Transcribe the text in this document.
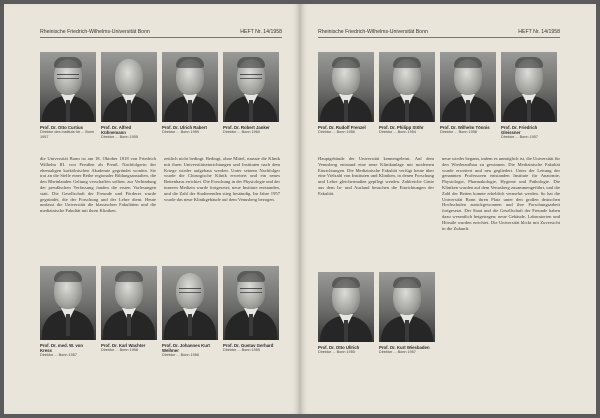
Rheinische Friedrich-Wilhelms-Universität Bonn	HEFT Nr. 14/1958
Prof. Dr. Otto Curtius
Direktor des Instituts für ... Bonn 1957
Prof. Dr. Alfred Kühnemann
Direktor ... Bonn 1955
Prof. Dr. Ulrich Rabert
Direktor ... Bonn 1959
Prof. Dr. Robert Janker
Direktor ... Bonn 1960

die Universität Bonn ist am 18. Oktober 1818 von Friedrich Wilhelm III. von Preußen als Preuß. Nachfolgerin der ehemaligen kurkölnischen Akademie gegründet worden. Sie trat an die Stelle einer Reihe regionaler Bildungsanstalten, die den Rheinlanden Geltung verschaffen sollten; zur Verbindung der preußischen Verfassung fanden die ersten Vorlesungen statt. Die Gesellschaft der Freunde und Förderer wurde gegründet, die der Forschung und der Lehre dient. Heute umfasst die Universität die klassischen Fakultäten und die medizinische Fakultät mit ihren Kliniken.

zeitlich nicht bedingt. Bedingt, ohne Mittel, musste die Klinik mit ihren Universitätseinrichtungen und Instituten nach dem Kriege wieder aufgebaut werden. Unter seinem Nachfolger wurde die Chirurgische Klinik erweitert und ein neues Bettenhaus errichtet. Die Forschung in der Physiologie und der inneren Medizin wurde fortgesetzt; neue Institute entstanden, und die Zahl der Studierenden stieg beständig. Im Jahre 1957 wurde das neue Klinikgebäude auf dem Venusberg bezogen.

Prof. Dr. med. W. von Kress
Direktor ... Bonn 1957
Prof. Dr. Karl Wachter
Direktor ... Bonn 1958
Prof. Dr. Johannes Kurt Weihner
Direktor ... Bonn 1956
Prof. Dr. Gustav Gerhard
Direktor ... Bonn 1955
Rheinische Friedrich-Wilhelms-Universität Bonn	HEFT Nr. 14/1958
Prof. Dr. Rudolf Frenzel
Direktor ... Bonn 1956
Prof. Dr. Philipp Stöhr
Direktor ... Bonn 1954
Prof. Dr. Wilhelm Tönnis
Direktor ... Bonn 1958
Prof. Dr. Friedrich Gleissner
Direktor ... Bonn 1957

Hauptgebäude der Universität kennengelernt. Auf dem Venusberg entstand eine neue Klinikanlage mit modernen Einrichtungen. Die Medizinische Fakultät verfügt heute über eine Vielzahl von Instituten und Kliniken, in denen Forschung und Lehre gleichermaßen gepflegt werden. Zahlreiche Gäste aus dem In- und Ausland besuchen die Einrichtungen der Fakultät.

neue wieder begann, indem es unmöglich ist, die Universität für den Wiederaufbau zu gewinnen. Die Medizinische Fakultät wurde erweitert und neu gegliedert. Unter der Leitung der genannten Professoren entstanden Institute für Anatomie, Physiologie, Pharmakologie, Hygiene und Pathologie. Die Kliniken wurden auf dem Venusberg zusammengeführt, und die Zahl der Betten konnte erheblich vermehrt werden. So hat die Universität Bonn ihren Platz unter den großen deutschen Hochschulen zurückgewonnen und ihre Forschungsarbeit fortgesetzt. Der Staat und die Gesellschaft der Freunde haben dazu wesentlich beigetragen; neue Gebäude, Laboratorien und Hörsäle wurden errichtet. Die Universität blickt mit Zuversicht in die Zukunft.

Prof. Dr. Otto Ullrich
Direktor ... Bonn 1955
Prof. Dr. Kurt Wiesbaden
Direktor ... Bonn 1957
